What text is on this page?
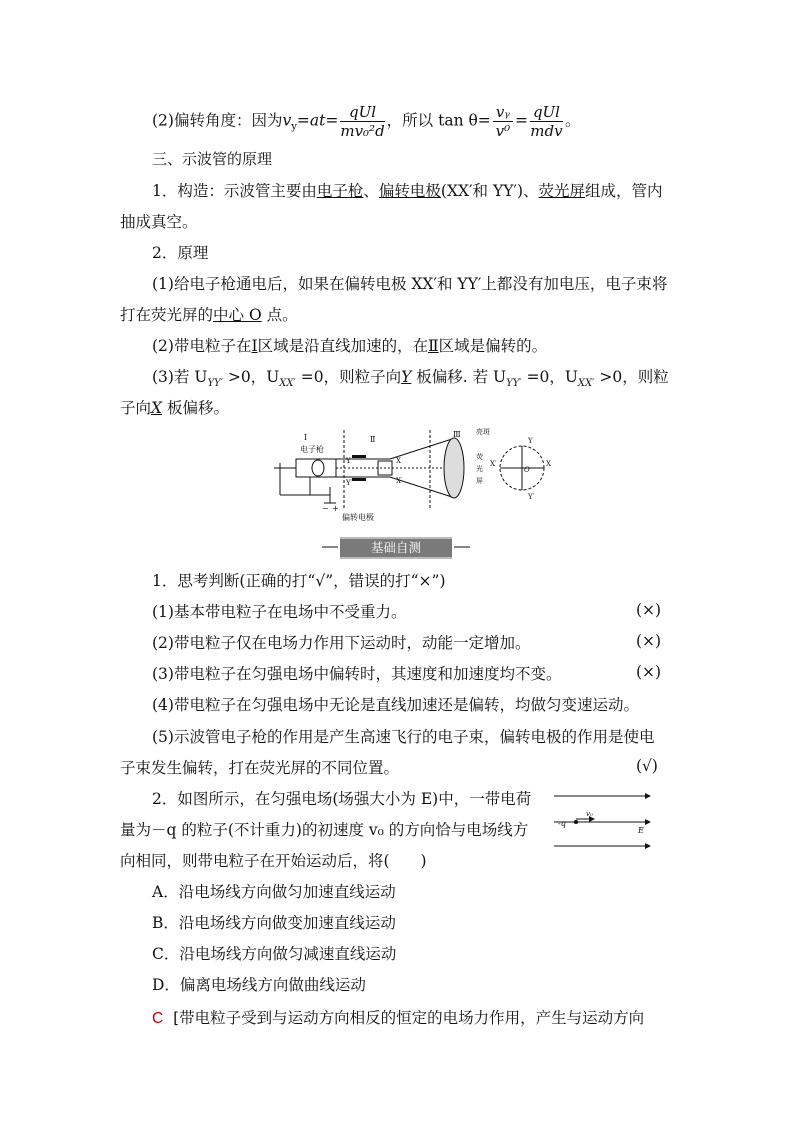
(2)偏转角度：因为$v_y=at= \frac{\text{qUl}}{\text{mv₀²d}}$ ，所以 $\tan \theta= \frac{\text{vᵧ}}{\text{v⁰}} = \frac{\text{qUl}}{\text{mdv}}$ 。
三、示波管的原理
1．构造：示波管主要由电子枪、偏转电极(XX′和 YY′)、荧光屏组成，管内
抽成真空。
2．原理
(1)给电子枪通电后，如果在偏转电极 XX′和 YY′上都没有加电压，电子束将
打在荧光屏的中心 O 点。
(2)带电粒子在Ⅰ区域是沿直线加速的，在Ⅱ区域是偏转的。
(3)若 $U_{YY'} >0$，$U_{XX'} =0$，则粒子向Y 板偏移. 若 $U_{YY'} =0$，$U_{XX'} >0$，则粒
子向X 板偏移。
Ⅰ
电子枪
Ⅱ
Ⅲ 亮斑
荧
光
屏
偏转电极
− +
Y
Y′
X
X′
O
Y
Y′
X
X′
基础自测
1．思考判断(正确的打“√”，错误的打“×”)
(1)基本带电粒子在电场中不受重力。	(×)
(2)带电粒子仅在电场力作用下运动时，动能一定增加。	(×)
(3)带电粒子在匀强电场中偏转时，其速度和加速度均不变。	(×)
(4)带电粒子在匀强电场中无论是直线加速还是偏转，均做匀变速运动。
(5)示波管电子枪的作用是产生高速飞行的电子束，偏转电极的作用是使电
子束发生偏转，打在荧光屏的不同位置。	(√)
2．如图所示，在匀强电场(场强大小为 E)中，一带电荷
量为－q 的粒子(不计重力)的初速度 v₀ 的方向恰与电场线方
向相同，则带电粒子在开始运动后，将(　　)
-q
v₀
E
A．沿电场线方向做匀加速直线运动
B．沿电场线方向做变加速直线运动
C．沿电场线方向做匀减速直线运动
D．偏离电场线方向做曲线运动
C [带电粒子受到与运动方向相反的恒定的电场力作用，产生与运动方向
